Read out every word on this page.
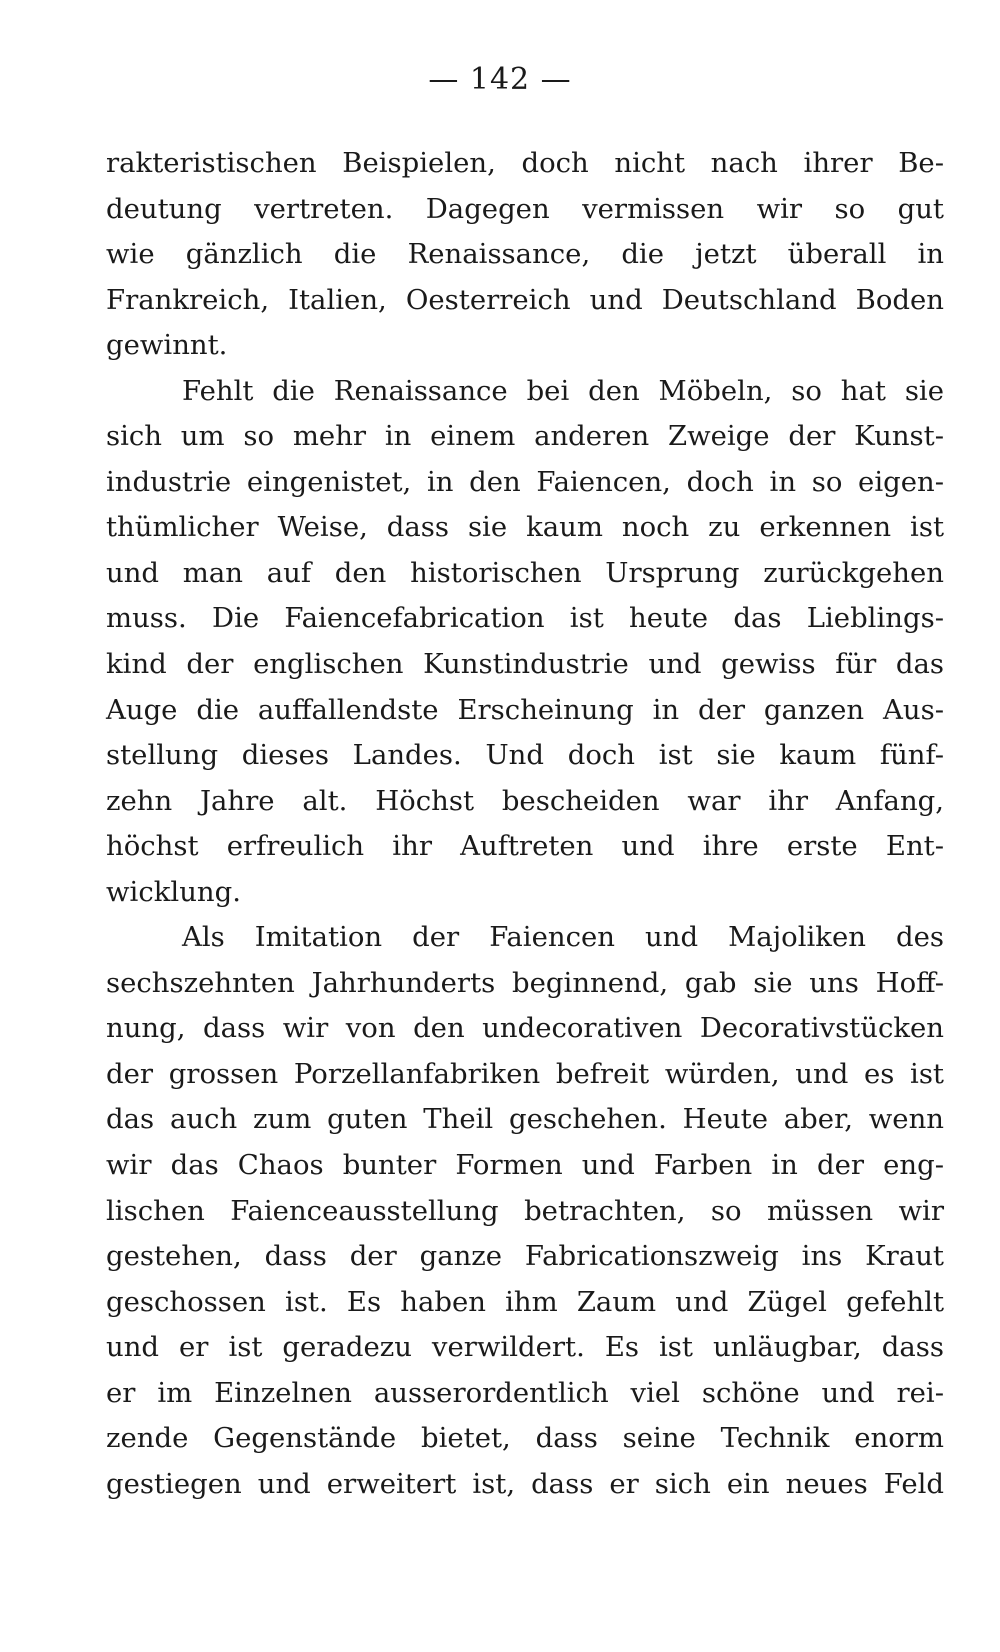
— 142 —
rakteristischen Beispielen, doch nicht nach ihrer Be-
deutung vertreten. Dagegen vermissen wir so gut
wie gänzlich die Renaissance, die jetzt überall in
Frankreich, Italien, Oesterreich und Deutschland Boden
gewinnt.
Fehlt die Renaissance bei den Möbeln, so hat sie
sich um so mehr in einem anderen Zweige der Kunst-
industrie eingenistet, in den Faiencen, doch in so eigen-
thümlicher Weise, dass sie kaum noch zu erkennen ist
und man auf den historischen Ursprung zurückgehen
muss. Die Faiencefabrication ist heute das Lieblings-
kind der englischen Kunstindustrie und gewiss für das
Auge die auffallendste Erscheinung in der ganzen Aus-
stellung dieses Landes. Und doch ist sie kaum fünf-
zehn Jahre alt. Höchst bescheiden war ihr Anfang,
höchst erfreulich ihr Auftreten und ihre erste Ent-
wicklung.
Als Imitation der Faiencen und Majoliken des
sechszehnten Jahrhunderts beginnend, gab sie uns Hoff-
nung, dass wir von den undecorativen Decorativstücken
der grossen Porzellanfabriken befreit würden, und es ist
das auch zum guten Theil geschehen. Heute aber, wenn
wir das Chaos bunter Formen und Farben in der eng-
lischen Faienceausstellung betrachten, so müssen wir
gestehen, dass der ganze Fabricationszweig ins Kraut
geschossen ist. Es haben ihm Zaum und Zügel gefehlt
und er ist geradezu verwildert. Es ist unläugbar, dass
er im Einzelnen ausserordentlich viel schöne und rei-
zende Gegenstände bietet, dass seine Technik enorm
gestiegen und erweitert ist, dass er sich ein neues Feld
